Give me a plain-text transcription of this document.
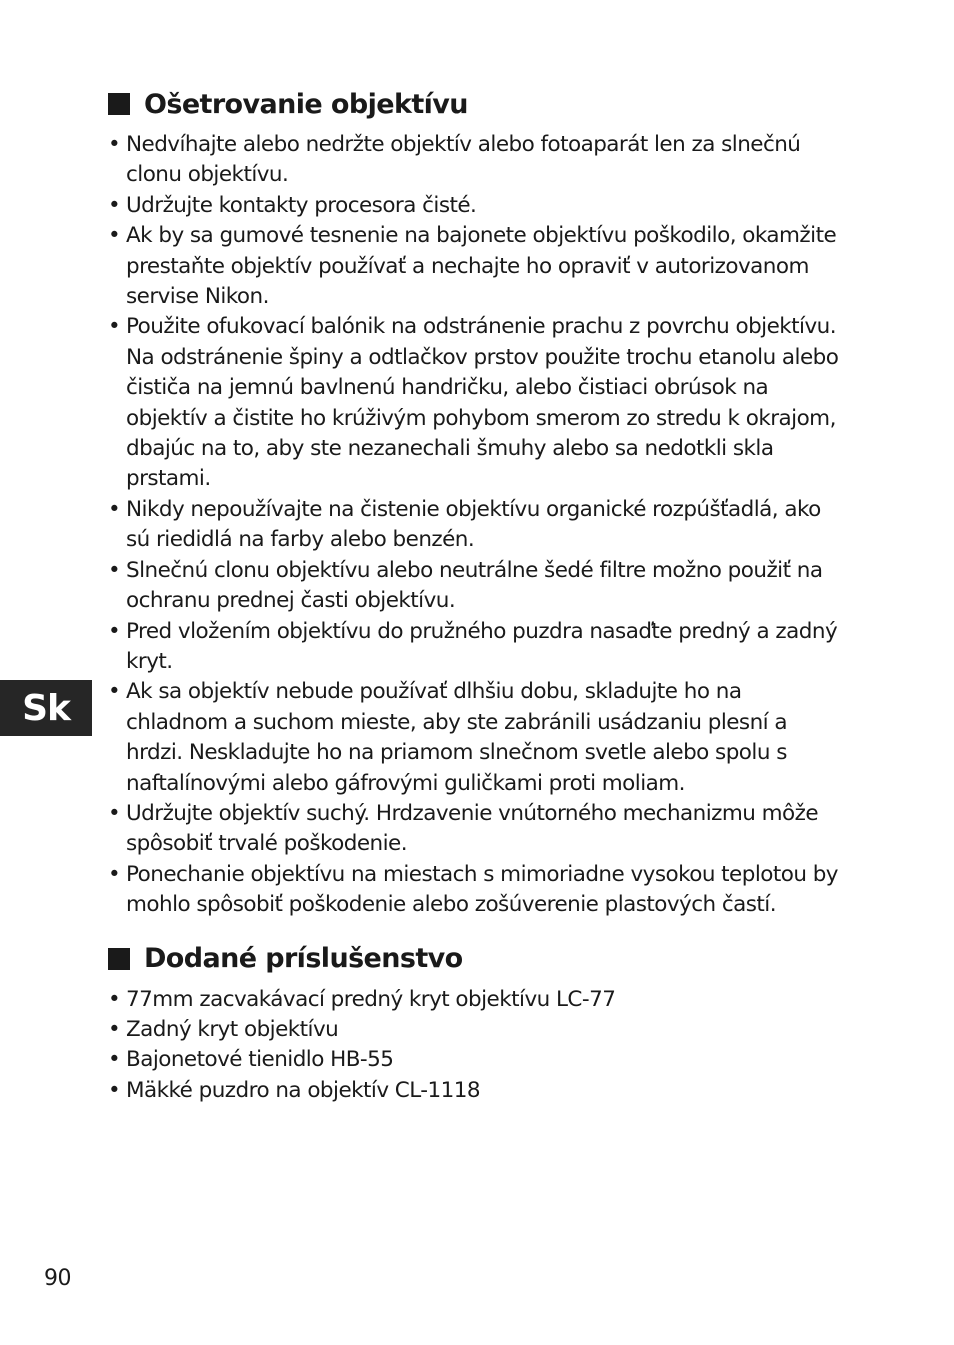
Ošetrovanie objektívu
• Nedvíhajte alebo nedržte objektív alebo fotoaparát len za slnečnú clonu objektívu.
• Udržujte kontakty procesora čisté.
• Ak by sa gumové tesnenie na bajonete objektívu poškodilo, okamžite prestaňte objektív používať a nechajte ho opraviť v autorizovanom servise Nikon.
• Použite ofukovací balónik na odstránenie prachu z povrchu objektívu. Na odstránenie špiny a odtlačkov prstov použite trochu etanolu alebo čističa na jemnú bavlnenú handričku, alebo čistiaci obrúsok na objektív a čistite ho krúživým pohybom smerom zo stredu k okrajom, dbajúc na to, aby ste nezanechali šmuhy alebo sa nedotkli skla prstami.
• Nikdy nepoužívajte na čistenie objektívu organické rozpúšťadlá, ako sú riedidlá na farby alebo benzén.
• Slnečnú clonu objektívu alebo neutrálne šedé filtre možno použiť na ochranu prednej časti objektívu.
• Pred vložením objektívu do pružného puzdra nasaďte predný a zadný kryt.
• Ak sa objektív nebude používať dlhšiu dobu, skladujte ho na chladnom a suchom mieste, aby ste zabránili usádzaniu plesní a hrdzi. Neskladujte ho na priamom slnečnom svetle alebo spolu s naftalínovými alebo gáfrovými guličkami proti moliam.
• Udržujte objektív suchý. Hrdzavenie vnútorného mechanizmu môže spôsobiť trvalé poškodenie.
• Ponechanie objektívu na miestach s mimoriadne vysokou teplotou by mohlo spôsobiť poškodenie alebo zošúverenie plastových častí.
Dodané príslušenstvo
• 77mm zacvakávací predný kryt objektívu LC-77
• Zadný kryt objektívu
• Bajonetové tienidlo HB-55
• Mäkké puzdro na objektív CL-1118
Sk
90
